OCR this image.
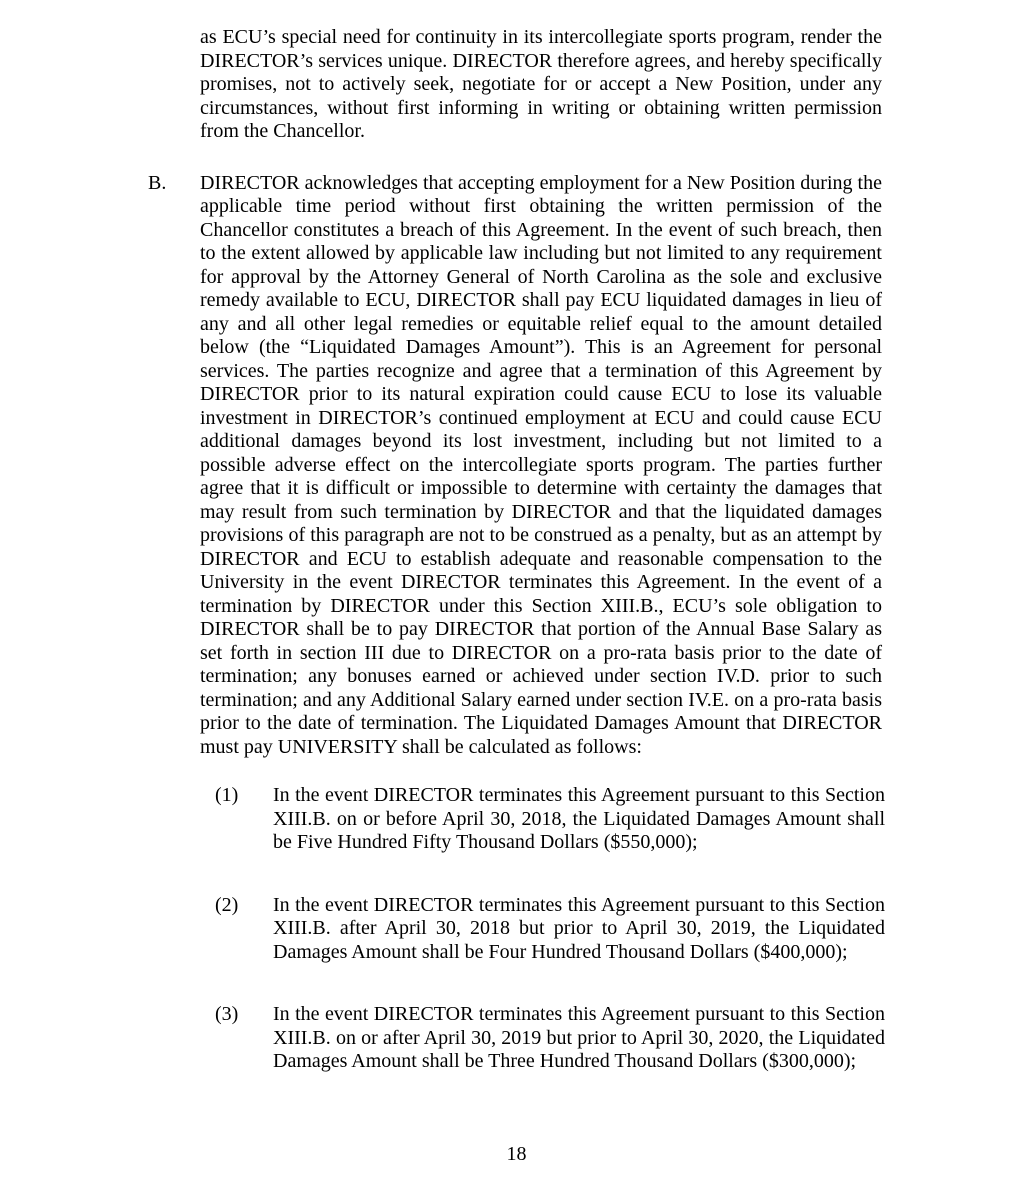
as ECU’s special need for continuity in its intercollegiate sports program, render the DIRECTOR’s services unique. DIRECTOR therefore agrees, and hereby specifically promises, not to actively seek, negotiate for or accept a New Position, under any circumstances, without first informing in writing or obtaining written permission from the Chancellor.

B.	DIRECTOR acknowledges that accepting employment for a New Position during the applicable time period without first obtaining the written permission of the Chancellor constitutes a breach of this Agreement. In the event of such breach, then to the extent allowed by applicable law including but not limited to any requirement for approval by the Attorney General of North Carolina as the sole and exclusive remedy available to ECU, DIRECTOR shall pay ECU liquidated damages in lieu of any and all other legal remedies or equitable relief equal to the amount detailed below (the “Liquidated Damages Amount”). This is an Agreement for personal services. The parties recognize and agree that a termination of this Agreement by DIRECTOR prior to its natural expiration could cause ECU to lose its valuable investment in DIRECTOR’s continued employment at ECU and could cause ECU additional damages beyond its lost investment, including but not limited to a possible adverse effect on the intercollegiate sports program. The parties further agree that it is difficult or impossible to determine with certainty the damages that may result from such termination by DIRECTOR and that the liquidated damages provisions of this paragraph are not to be construed as a penalty, but as an attempt by DIRECTOR and ECU to establish adequate and reasonable compensation to the University in the event DIRECTOR terminates this Agreement. In the event of a termination by DIRECTOR under this Section XIII.B., ECU’s sole obligation to DIRECTOR shall be to pay DIRECTOR that portion of the Annual Base Salary as set forth in section III due to DIRECTOR on a pro-rata basis prior to the date of termination; any bonuses earned or achieved under section IV.D. prior to such termination; and any Additional Salary earned under section IV.E. on a pro-rata basis prior to the date of termination. The Liquidated Damages Amount that DIRECTOR must pay UNIVERSITY shall be calculated as follows:

(1)	In the event DIRECTOR terminates this Agreement pursuant to this Section XIII.B. on or before April 30, 2018, the Liquidated Damages Amount shall be Five Hundred Fifty Thousand Dollars ($550,000);

(2)	In the event DIRECTOR terminates this Agreement pursuant to this Section XIII.B. after April 30, 2018 but prior to April 30, 2019, the Liquidated Damages Amount shall be Four Hundred Thousand Dollars ($400,000);

(3)	In the event DIRECTOR terminates this Agreement pursuant to this Section XIII.B. on or after April 30, 2019 but prior to April 30, 2020, the Liquidated Damages Amount shall be Three Hundred Thousand Dollars ($300,000);

18
